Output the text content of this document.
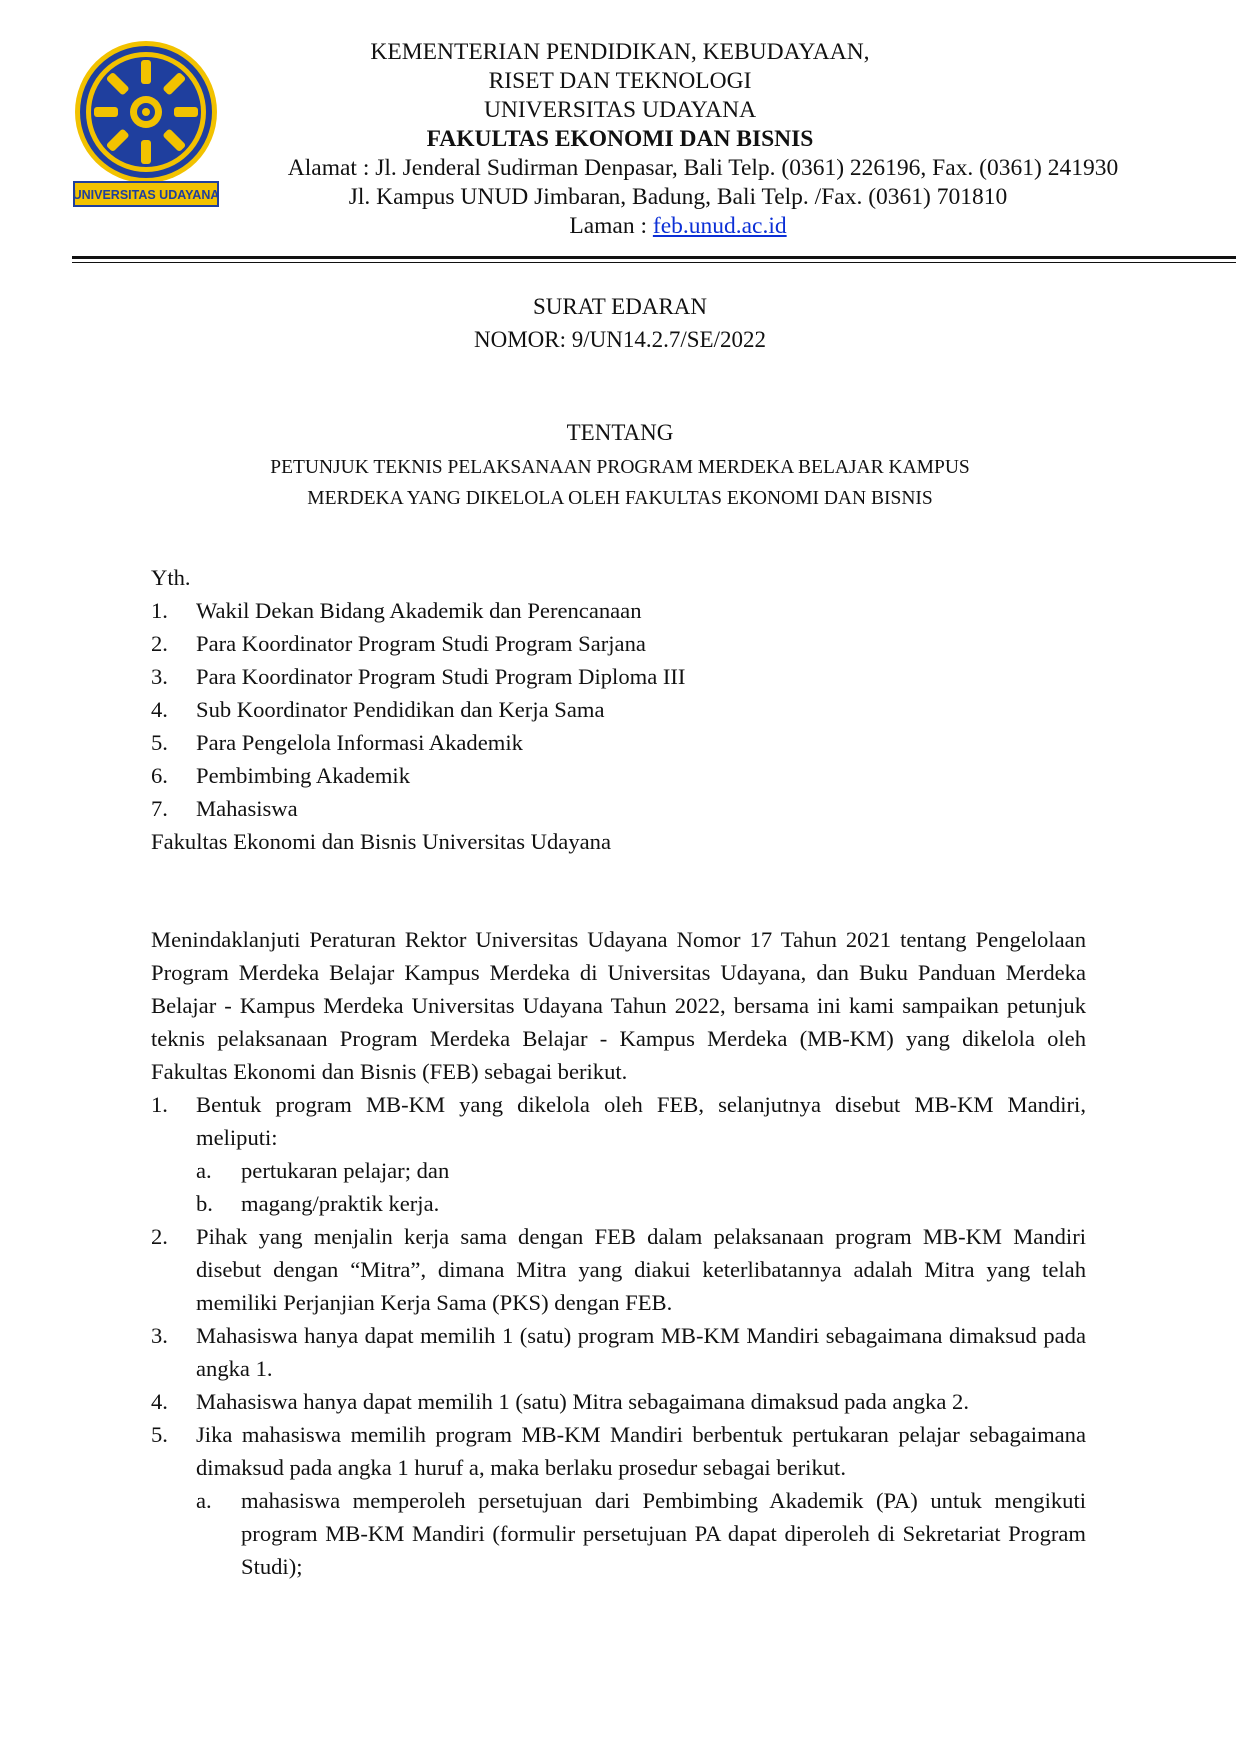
UNIVERSITAS UDAYANA
KEMENTERIAN PENDIDIKAN, KEBUDAYAAN,
RISET DAN TEKNOLOGI
UNIVERSITAS UDAYANA
FAKULTAS EKONOMI DAN BISNIS
Alamat : Jl. Jenderal Sudirman Denpasar, Bali Telp. (0361) 226196, Fax. (0361) 241930
Jl. Kampus UNUD Jimbaran, Badung, Bali Telp. /Fax. (0361) 701810
Laman : feb.unud.ac.id
SURAT EDARAN
NOMOR: 9/UN14.2.7/SE/2022
TENTANG
PETUNJUK TEKNIS PELAKSANAAN PROGRAM MERDEKA BELAJAR KAMPUS
MERDEKA YANG DIKELOLA OLEH FAKULTAS EKONOMI DAN BISNIS
Yth.
1.	Wakil Dekan Bidang Akademik dan Perencanaan
2.	Para Koordinator Program Studi Program Sarjana
3.	Para Koordinator Program Studi Program Diploma III
4.	Sub Koordinator Pendidikan dan Kerja Sama
5.	Para Pengelola Informasi Akademik
6.	Pembimbing Akademik
7.	Mahasiswa
Fakultas Ekonomi dan Bisnis Universitas Udayana
Menindaklanjuti Peraturan Rektor Universitas Udayana Nomor 17 Tahun 2021 tentang Pengelolaan Program Merdeka Belajar Kampus Merdeka di Universitas Udayana, dan Buku Panduan Merdeka Belajar - Kampus Merdeka Universitas Udayana Tahun 2022, bersama ini kami sampaikan petunjuk teknis pelaksanaan Program Merdeka Belajar - Kampus Merdeka (MB-KM) yang dikelola oleh Fakultas Ekonomi dan Bisnis (FEB) sebagai berikut.
1.	Bentuk program MB-KM yang dikelola oleh FEB, selanjutnya disebut MB-KM Mandiri, meliputi:
a.	pertukaran pelajar; dan
b.	magang/praktik kerja.
2.	Pihak yang menjalin kerja sama dengan FEB dalam pelaksanaan program MB-KM Mandiri disebut dengan “Mitra”, dimana Mitra yang diakui keterlibatannya adalah Mitra yang telah memiliki Perjanjian Kerja Sama (PKS) dengan FEB.
3.	Mahasiswa hanya dapat memilih 1 (satu) program MB-KM Mandiri sebagaimana dimaksud pada angka 1.
4.	Mahasiswa hanya dapat memilih 1 (satu) Mitra sebagaimana dimaksud pada angka 2.
5.	Jika mahasiswa memilih program MB-KM Mandiri berbentuk pertukaran pelajar sebagaimana dimaksud pada angka 1 huruf a, maka berlaku prosedur sebagai berikut.
a.	mahasiswa memperoleh persetujuan dari Pembimbing Akademik (PA) untuk mengikuti program MB-KM Mandiri (formulir persetujuan PA dapat diperoleh di Sekretariat Program Studi);
